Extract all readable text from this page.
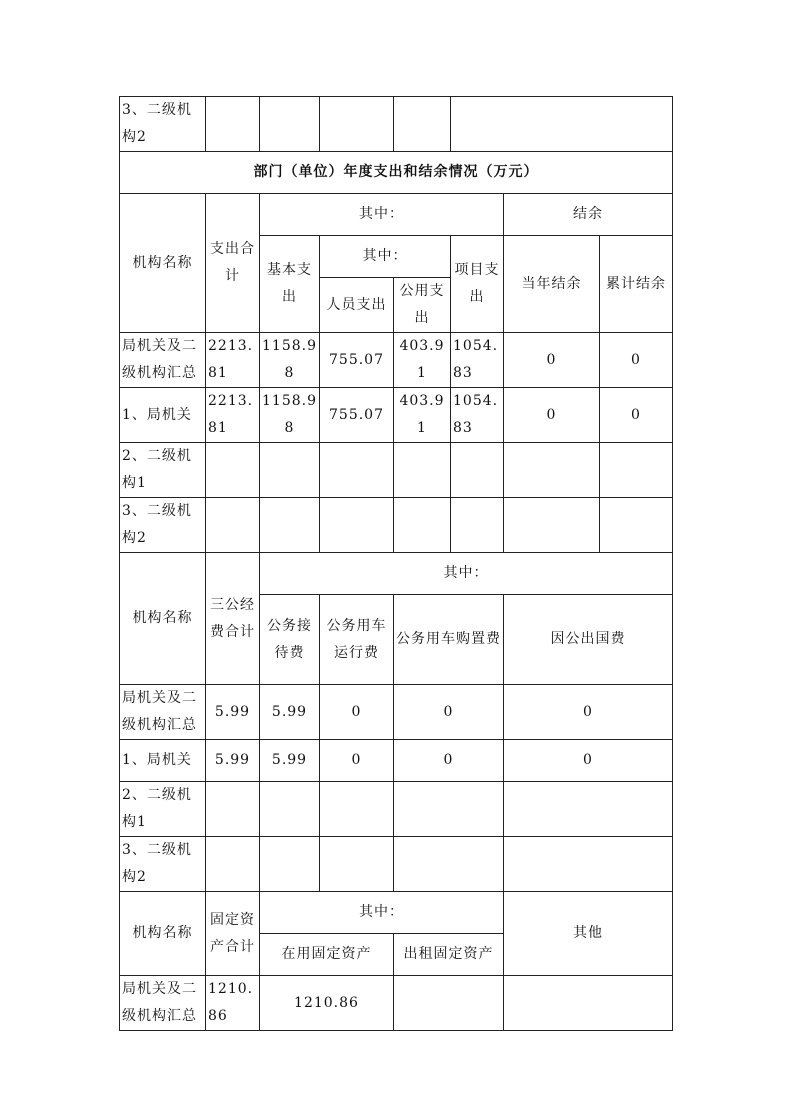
3、二级机构2							
部门（单位）年度支出和结余情况（万元）							
机构名称	支出合计	其中：				结余	
		基本支出	其中：		项目支出	当年结余	累计结余
			人员支出	公用支出			
局机关及二级机构汇总	2213.81	1158.98	755.07	403.91	1054.83	0	0
1、局机关	2213.81	1158.98	755.07	403.91	1054.83	0	0
2、二级机构1							
3、二级机构2							
机构名称	三公经费合计	其中：					
		公务接待费	公务用车运行费	公务用车购置费		因公出国费	
局机关及二级机构汇总	5.99	5.99	0	0		0	
1、局机关	5.99	5.99	0	0		0	
2、二级机构1							
3、二级机构2							
机构名称	固定资产合计	其中：				其他	
		在用固定资产		出租固定资产			
局机关及二级机构汇总	1210.86	1210.86					
